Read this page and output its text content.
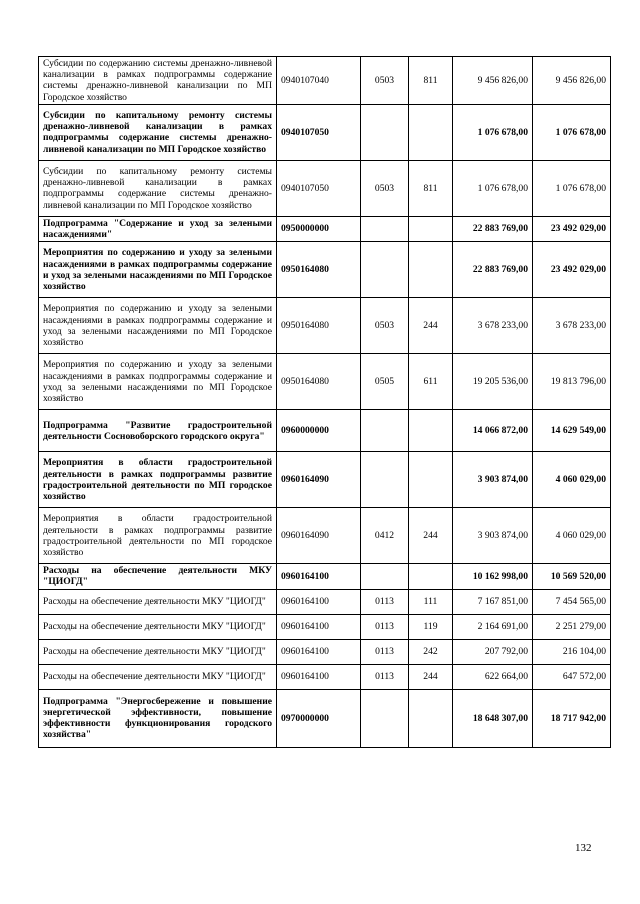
Субсидии по содержанию системы дренажно-ливневой канализации в рамках подпрограммы содержание системы дренажно-ливневой канализации по МП Городское хозяйство	0940107040	0503	811	9 456 826,00	9 456 826,00
Субсидии по капитальному ремонту системы дренажно-ливневой канализации в рамках подпрограммы содержание системы дренажно-ливневой канализации по МП Городское хозяйство	0940107050			1 076 678,00	1 076 678,00
Субсидии по капитальному ремонту системы дренажно-ливневой канализации в рамках подпрограммы содержание системы дренажно-ливневой канализации по МП Городское хозяйство	0940107050	0503	811	1 076 678,00	1 076 678,00
Подпрограмма "Содержание и уход за зелеными насаждениями"	0950000000			22 883 769,00	23 492 029,00
Мероприятия по содержанию и уходу за зелеными насаждениями в рамках подпрограммы содержание и уход за зелеными насаждениями по МП Городское хозяйство	0950164080			22 883 769,00	23 492 029,00
Мероприятия по содержанию и уходу за зелеными насаждениями в рамках подпрограммы содержание и уход за зелеными насаждениями по МП Городское хозяйство	0950164080	0503	244	3 678 233,00	3 678 233,00
Мероприятия по содержанию и уходу за зелеными насаждениями в рамках подпрограммы содержание и уход за зелеными насаждениями по МП Городское хозяйство	0950164080	0505	611	19 205 536,00	19 813 796,00
Подпрограмма "Развитие градостроительной деятельности Сосновоборского городского округа"	0960000000			14 066 872,00	14 629 549,00
Мероприятия в области градостроительной деятельности в рамках подпрограммы развитие градостроительной деятельности по МП городское хозяйство	0960164090			3 903 874,00	4 060 029,00
Мероприятия в области градостроительной деятельности в рамках подпрограммы развитие градостроительной деятельности по МП городское хозяйство	0960164090	0412	244	3 903 874,00	4 060 029,00
Расходы на обеспечение деятельности МКУ "ЦИОГД"	0960164100			10 162 998,00	10 569 520,00
Расходы на обеспечение деятельности МКУ "ЦИОГД"	0960164100	0113	111	7 167 851,00	7 454 565,00
Расходы на обеспечение деятельности МКУ "ЦИОГД"	0960164100	0113	119	2 164 691,00	2 251 279,00
Расходы на обеспечение деятельности МКУ "ЦИОГД"	0960164100	0113	242	207 792,00	216 104,00
Расходы на обеспечение деятельности МКУ "ЦИОГД"	0960164100	0113	244	622 664,00	647 572,00
Подпрограмма "Энергосбережение и повышение энергетической эффективности, повышение эффективности функционирования городского хозяйства"	0970000000			18 648 307,00	18 717 942,00
132
